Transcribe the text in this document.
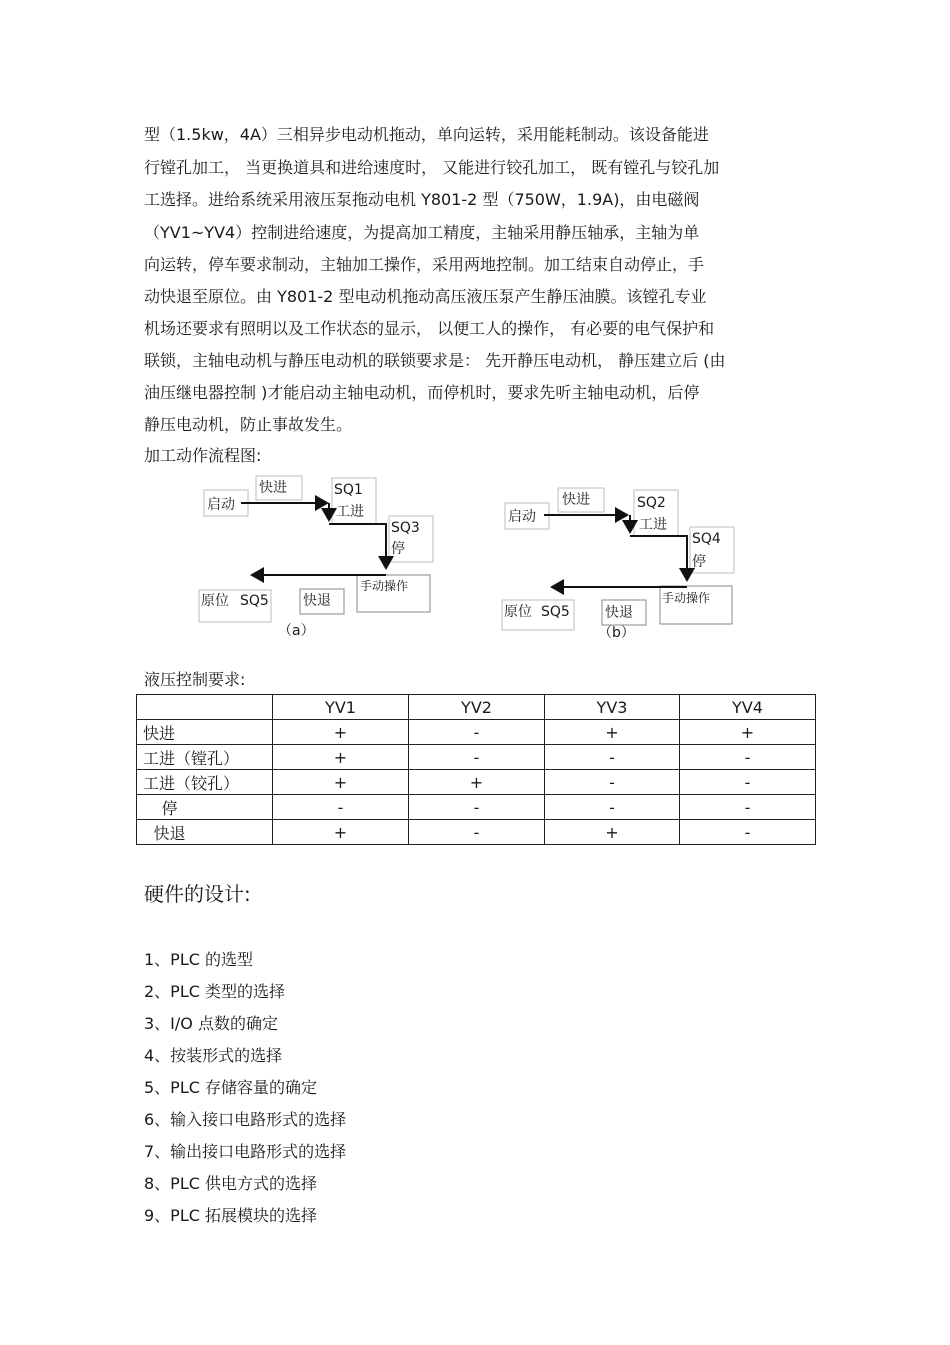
型（1.5kw，4A）三相异步电动机拖动，单向运转，采用能耗制动。该设备能进
行镗孔加工， 当更换道具和进给速度时， 又能进行铰孔加工， 既有镗孔与铰孔加
工选择。进给系统采用液压泵拖动电机 Y801-2 型（750W，1.9A)，由电磁阀
（YV1~YV4）控制进给速度，为提高加工精度，主轴采用静压轴承，主轴为单
向运转，停车要求制动，主轴加工操作，采用两地控制。加工结束自动停止，手
动快退至原位。由 Y801-2 型电动机拖动高压液压泵产生静压油膜。该镗孔专业
机场还要求有照明以及工作状态的显示， 以便工人的操作， 有必要的电气保护和
联锁，主轴电动机与静压电动机的联锁要求是： 先开静压电动机， 静压建立后 (由
油压继电器控制 )才能启动主轴电动机，而停机时，要求先听主轴电动机，后停
静压电动机，防止事故发生。
加工动作流程图:
启动
快进	SQ1
工进
SQ3
停
手动操作
原位 SQ5 快退
（a）
启动
快进	SQ2
工进
SQ4
停
手动操作
原位 SQ5	快退
（b）
液压控制要求:
	YV1	YV2	YV3	YV4
快进	+	-	+	+
工进（镗孔）	+	-	-	-
工进（铰孔）	+	+	-	-
停	-	-	-	-
快退	+	-	+	-
硬件的设计:
1、PLC 的选型
2、PLC 类型的选择
3、I/O 点数的确定
4、按装形式的选择
5、PLC 存储容量的确定
6、输入接口电路形式的选择
7、输出接口电路形式的选择
8、PLC 供电方式的选择
9、PLC 拓展模块的选择
